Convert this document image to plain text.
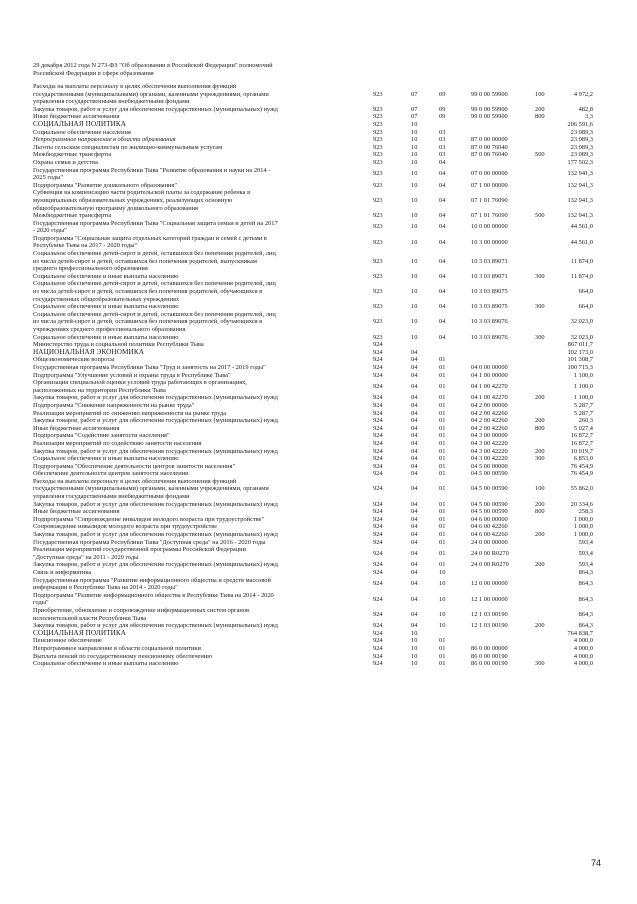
29 декабря 2012 года N 273-ФЗ "Об образовании в Российской Федерации" полномочий
Российской Федерации в сфере образования
Расходы на выплаты персоналу в целях обеспечения выполнения функций
государственными (муниципальными) органами, казенными учреждениями, органами
управления государственными внебюджетными фондами
923	07	09	99 0 00 59900	100	4 972,2
Закупка товаров, работ и услуг для обеспечения государственных (муниципальных) нужд	923	07	09	99 0 00 59900	200	482,8
Иные бюджетные ассигнования	923	07	09	99 0 00 59900	800	3,3
СОЦИАЛЬНАЯ ПОЛИТИКА	923	10	206 591,6
Социальное обеспечение населения	923	10	03	23 089,3
Непрограммное направление в области образования	923	10	03	87 0 00 00000	23 089,3
Льготы сельским специалистам по жилищно-коммунальным услугам	923	10	03	87 0 00 76040	23 089,3
Межбюджетные трансферты	923	10	03	87 0 00 76040	500	23 089,3
Охрана семьи и детства	923	10	04	177 502,3
Государственная программа Республики Тыва "Развитие образования и науки на 2014 -
2025 годы"
923	10	04	07 0 00 00000	132 941,3
Подпрограмма "Развитие дошкольного образования"	923	10	04	07 1 00 00000	132 941,3
Субвенция на компенсацию части родительской платы за содержание ребенка в
муниципальных образовательных учреждениях, реализующих основную
общеобразовательную программу дошкольного образования
923	10	04	07 1 01 76090	132 941,3
Межбюджетные трансферты	923	10	04	07 1 01 76090	500	132 941,3
Государственная программа Республики Тыва "Социальная защита семьи и детей на 2017
- 2020 годы"
923	10	04	10 0 00 00000	44 561,0
Подпрограмма "Социальная защита отдельных категорий граждан и семей с детьми в
Республике Тыва на 2017 - 2020 годы"
923	10	04	10 3 00 00000	44 561,0
Социальное обеспечение детей-сирот и детей, оставшихся без попечения родителей, лиц
из числа детей-сирот и детей, оставшихся без попечения родителей, выпускникам
среднего профессионального образования
923	10	04	10 3 03 89071	11 874,0
Социальное обеспечение и иные выплаты населению	923	10	04	10 3 03 89071	300	11 874,0
Социальное обеспечение детей-сирот и детей, оставшихся без попечения родителей, лиц
из числа детей-сирот и детей, оставшихся без попечения родителей, обучающихся в
государственных общеобразовательных учреждениях
923	10	04	10 3 03 89075	664,0
Социальное обеспечение и иные выплаты населению	923	10	04	10 3 03 89075	300	664,0
Социальное обеспечение детей-сирот и детей, оставшихся без попечения родителей, лиц
из числа детей-сирот и детей, оставшихся без попечения родителей, обучающихся в
учреждениях среднего профессионального образования
923	10	04	10 3 03 89076	32 023,0
Социальное обеспечение и иные выплаты населению	923	10	04	10 3 03 89076	300	32 023,0
Министерство труда и социальной политики Республики Тыва	924	867 011,7
НАЦИОНАЛЬНАЯ ЭКОНОМИКА	924	04	102 173,0
Общеэкономические вопросы	924	04	01	101 308,7
Государственная программа Республики Тыва "Труд и занятость на 2017 - 2019 годы"	924	04	01	04 0 00 00000	100 715,3
Подпрограмма "Улучшение условий и охраны труда в Республике Тыва"	924	04	01	04 1 00 00000	1 100,0
Организация специальной оценки условий труда работающих в организациях,
расположенных на территории Республики Тыва
924	04	01	04 1 00 42270	1 100,0
Закупка товаров, работ и услуг для обеспечения государственных (муниципальных) нужд	924	04	01	04 1 00 42270	200	1 100,0
Подпрограмма "Снижение напряженности на рынке труда"	924	04	01	04 2 00 00000	5 287,7
Реализация мероприятий по снижению напряженности на рынке труда	924	04	01	04 2 00 42260	5 287,7
Закупка товаров, работ и услуг для обеспечения государственных (муниципальных) нужд	924	04	01	04 2 00 42260	200	260,3
Иные бюджетные ассигнования	924	04	01	04 2 00 42260	800	5 027,4
Подпрограмма "Содействие занятости населения"	924	04	01	04 3 00 00000	16 872,7
Реализация мероприятий по содействию занятости населения	924	04	01	04 3 00 42220	16 872,7
Закупка товаров, работ и услуг для обеспечения государственных (муниципальных) нужд	924	04	01	04 3 00 42220	200	10 019,7
Социальное обеспечение и иные выплаты населению	924	04	01	04 3 00 42220	300	6 853,0
Подпрограмма "Обеспечение деятельности центров занятости населения"	924	04	01	04 5 00 00000	76 454,9
Обеспечение деятельности центров занятости населения	924	04	01	04 5 00 00590	76 454,9
Расходы на выплаты персоналу в целях обеспечения выполнения функций
государственными (муниципальными) органами, казенными учреждениями, органами
управления государственными внебюджетными фондами
924	04	01	04 5 00 00590	100	55 862,0
Закупка товаров, работ и услуг для обеспечения государственных (муниципальных) нужд	924	04	01	04 5 00 00590	200	20 334,6
Иные бюджетные ассигнования	924	04	01	04 5 00 00590	800	258,3
Подпрограмма "Сопровождение инвалидов молодого возраста при трудоустройстве"	924	04	01	04 6 00 00000	1 000,0
Сопровождение инвалидов молодого возраста при трудоустройстве	924	04	01	04 6 00 42260	1 000,0
Закупка товаров, работ и услуг для обеспечения государственных (муниципальных) нужд	924	04	01	04 6 00 42260	200	1 000,0
Государственная программа Республики Тыва "Доступная среда" на 2016 - 2020 годы	924	04	01	24 0 00 00000	593,4
Реализация мероприятий государственной программы Российской Федерации
"Доступная среда" на 2011 - 2020 годы
924	04	01	24 0 00 R0270	593,4
Закупка товаров, работ и услуг для обеспечения государственных (муниципальных) нужд	924	04	01	24 0 00 R0270	200	593,4
Связь и информатика	924	04	10	864,3
Государственная программа "Развитие информационного общества и средств массовой
информации в Республике Тыва на 2014 - 2020 годы"
924	04	10	12 0 00 00000	864,3
Подпрограмма "Развитие информационного общества в Республике Тыва на 2014 - 2020
годы"
924	04	10	12 1 00 00000	864,3
Приобретение, обновление и сопровождение информационных систем органов
исполнительной власти Республики Тыва
924	04	10	12 1 03 00190	864,3
Закупка товаров, работ и услуг для обеспечения государственных (муниципальных) нужд	924	04	10	12 1 03 00190	200	864,3
СОЦИАЛЬНАЯ ПОЛИТИКА	924	10	764 838,7
Пенсионное обеспечение	924	10	01	4 000,0
Непрограммное направление в области социальной политики	924	10	01	86 0 00 00000	4 000,0
Выплата пенсий по государственному пенсионному обеспечению	924	10	01	86 0 00 00190	4 000,0
Социальное обеспечение и иные выплаты населению	924	10	01	86 0 00 00190	300	4 000,0
74
